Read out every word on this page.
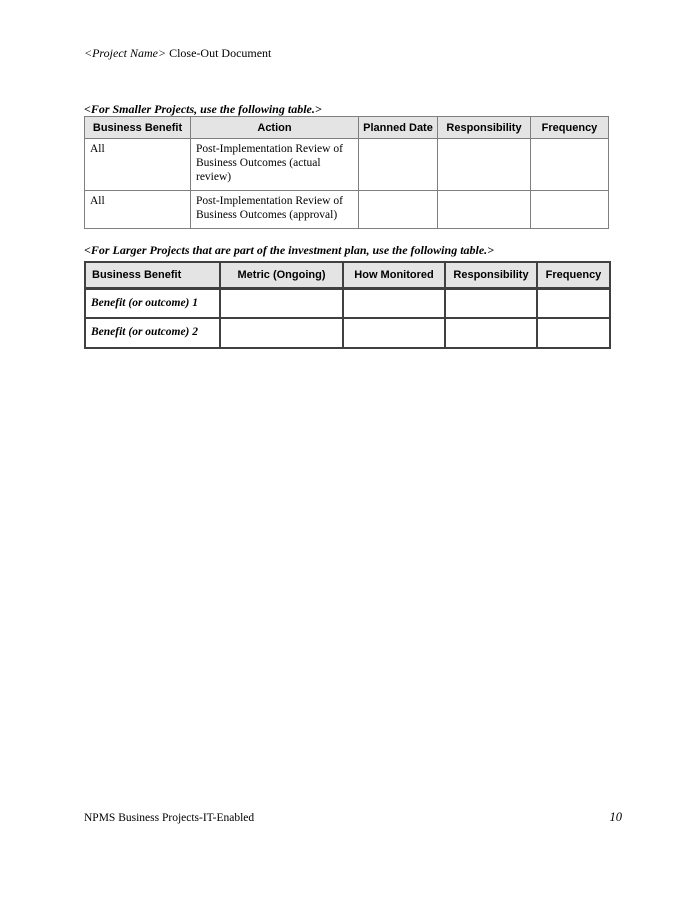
<Project Name> Close-Out Document
<For Smaller Projects, use the following table.>
Business Benefit	Action	Planned Date	Responsibility	Frequency
All	Post-Implementation Review of Business Outcomes (actual review)			
All	Post-Implementation Review of Business Outcomes (approval)			
<For Larger Projects that are part of the investment plan, use the following table.>
Business Benefit	Metric (Ongoing)	How Monitored	Responsibility	Frequency
Benefit (or outcome) 1				
Benefit (or outcome) 2				
NPMS Business Projects-IT-Enabled	10
